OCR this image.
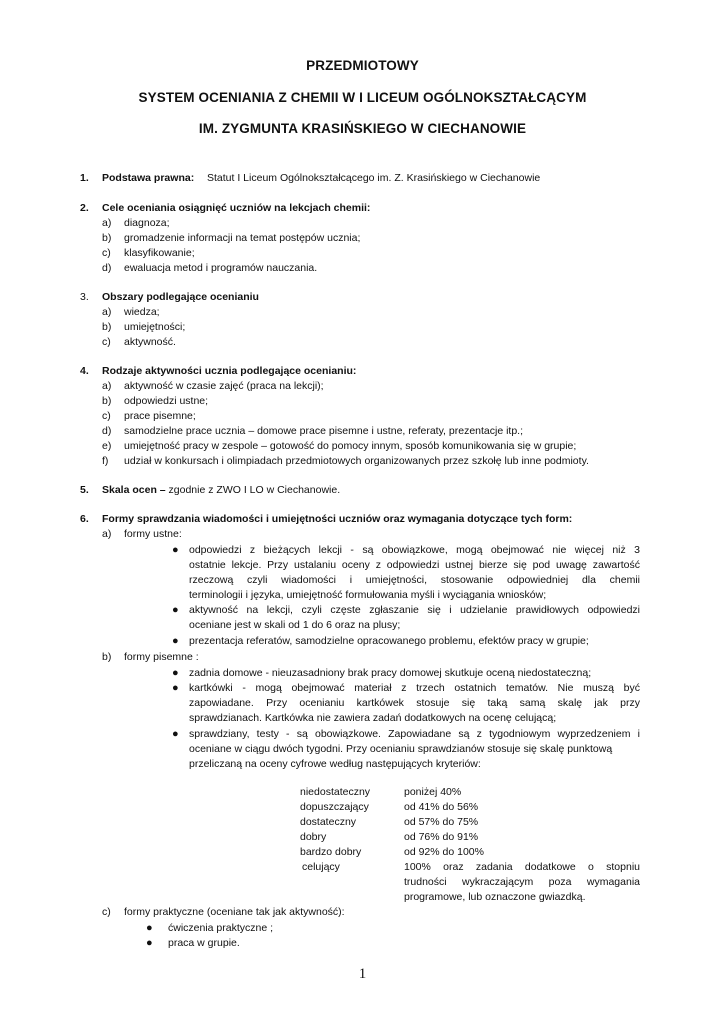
PRZEDMIOTOWY
SYSTEM OCENIANIA Z CHEMII W I LICEUM OGÓLNOKSZTAŁCĄCYM
IM. ZYGMUNTA KRASIŃSKIEGO W CIECHANOWIE
1. Podstawa prawna: Statut I Liceum Ogólnokształcącego im. Z. Krasińskiego w Ciechanowie
2. Cele oceniania osiągnięć uczniów na lekcjach chemii:
a) diagnoza;
b) gromadzenie informacji na temat postępów ucznia;
c) klasyfikowanie;
d) ewaluacja metod i programów nauczania.
3. Obszary podlegające ocenianiu
a) wiedza;
b) umiejętności;
c) aktywność.
4. Rodzaje aktywności ucznia podlegające ocenianiu:
a) aktywność w czasie zajęć (praca na lekcji);
b) odpowiedzi ustne;
c) prace pisemne;
d) samodzielne prace ucznia – domowe prace pisemne i ustne, referaty, prezentacje itp.;
e) umiejętność pracy w zespole – gotowość do pomocy innym, sposób komunikowania się w grupie;
f) udział w konkursach i olimpiadach przedmiotowych organizowanych przez szkołę lub inne podmioty.
5. Skala ocen – zgodnie z ZWO I LO w Ciechanowie.
6. Formy sprawdzania wiadomości i umiejętności uczniów oraz wymagania dotyczące tych form:
a) formy ustne:
● odpowiedzi z bieżących lekcji - są obowiązkowe, mogą obejmować nie więcej niż 3
ostatnie lekcje. Przy ustalaniu oceny z odpowiedzi ustnej bierze się pod uwagę zawartość
rzeczową czyli wiadomości i umiejętności, stosowanie odpowiedniej dla chemii
terminologii i języka, umiejętność formułowania myśli i wyciągania wniosków;
● aktywność na lekcji, czyli częste zgłaszanie się i udzielanie prawidłowych odpowiedzi
oceniane jest w skali od 1 do 6 oraz na plusy;
● prezentacja referatów, samodzielne opracowanego problemu, efektów pracy w grupie;
b) formy pisemne :
● zadnia domowe - nieuzasadniony brak pracy domowej skutkuje oceną niedostateczną;
● kartkówki - mogą obejmować materiał z trzech ostatnich tematów. Nie muszą być
zapowiadane. Przy ocenianiu kartkówek stosuje się taką samą skalę jak przy
sprawdzianach. Kartkówka nie zawiera zadań dodatkowych na ocenę celującą;
● sprawdziany, testy - są obowiązkowe. Zapowiadane są z tygodniowym wyprzedzeniem i
oceniane w ciągu dwóch tygodni. Przy ocenianiu sprawdzianów stosuje się skalę punktową
przeliczaną na oceny cyfrowe według następujących kryteriów:
niedostateczny	poniżej 40%
dopuszczający	od 41% do 56%
dostateczny	od 57% do 75%
dobry	od 76% do 91%
bardzo dobry	od 92% do 100%
celujący	100% oraz zadania dodatkowe o stopniu
trudności wykraczającym poza wymagania
programowe, lub oznaczone gwiazdką.
c) formy praktyczne (oceniane tak jak aktywność):
● ćwiczenia praktyczne ;
● praca w grupie.
1
